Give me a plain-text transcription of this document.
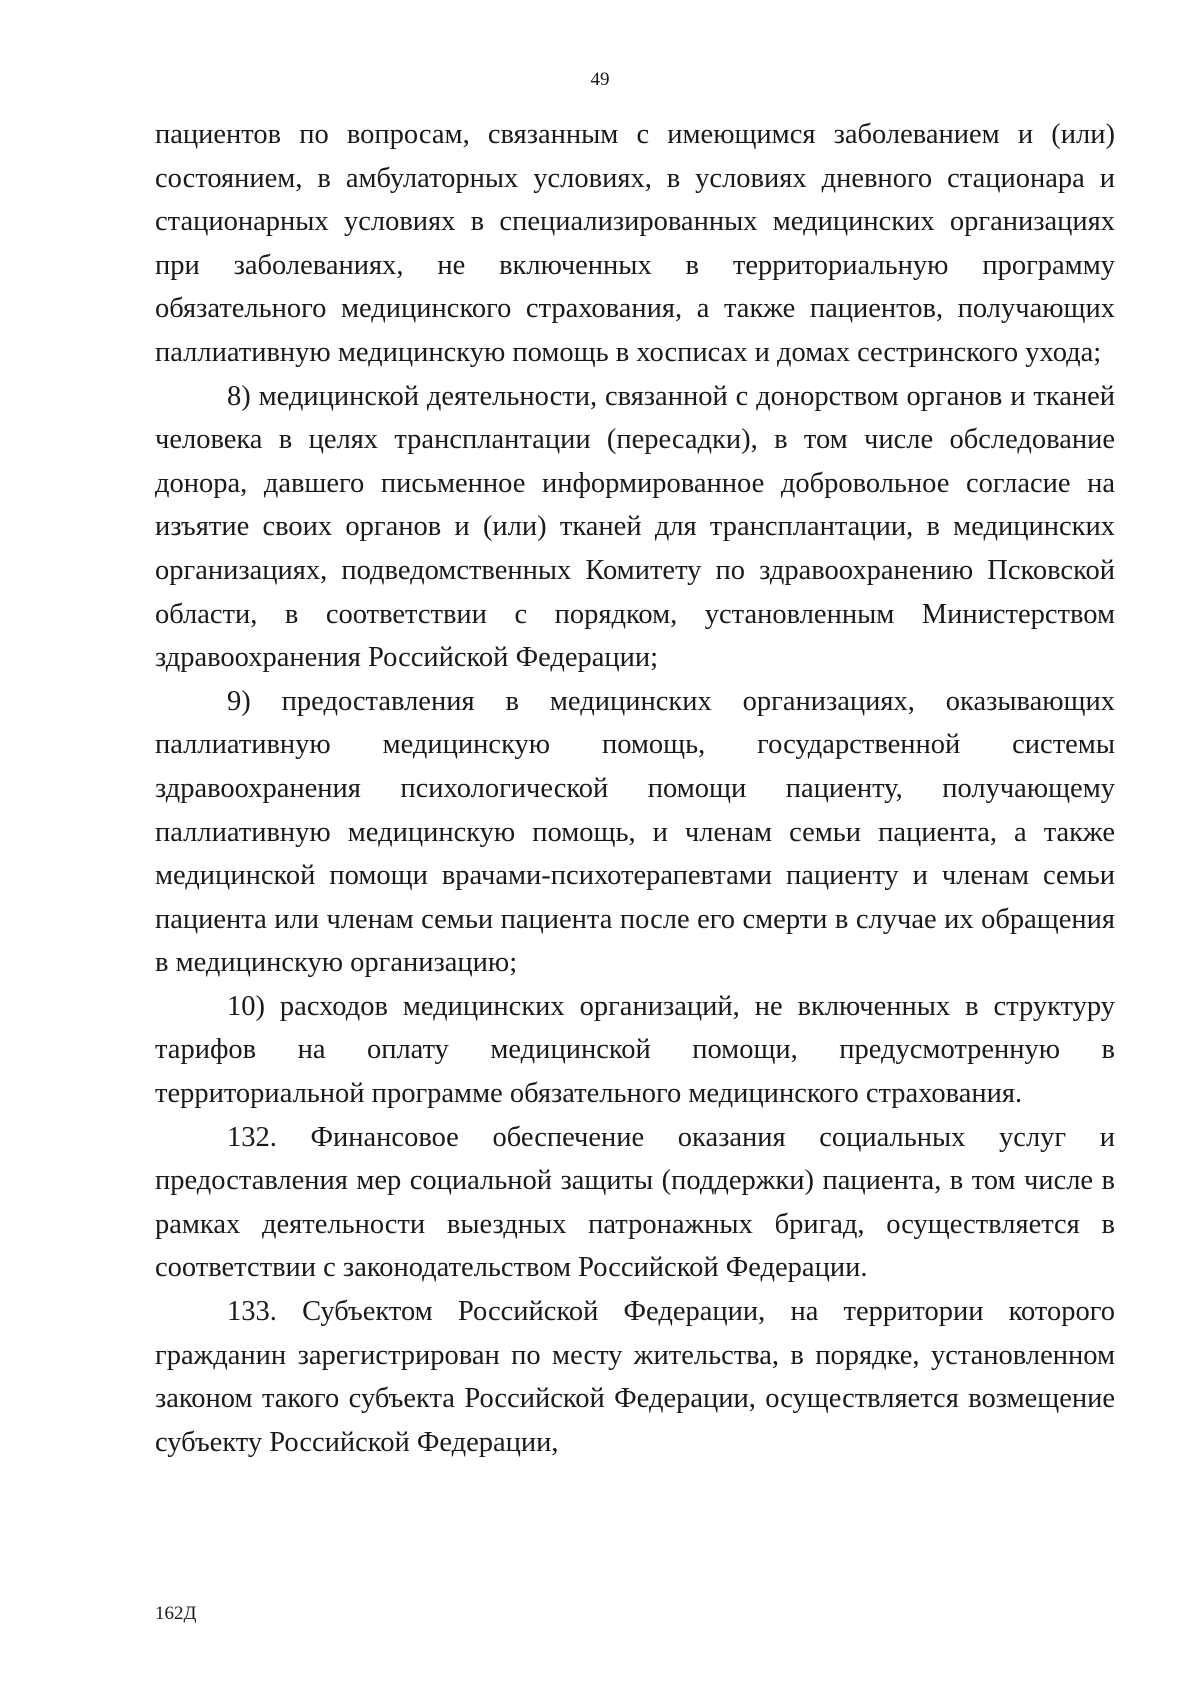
49

пациентов по вопросам, связанным с имеющимся заболеванием и (или) состоянием, в амбулаторных условиях, в условиях дневного стационара и стационарных условиях в специализированных медицинских организациях при заболеваниях, не включенных в территориальную программу обязательного медицинского страхования, а также пациентов, получающих паллиативную медицинскую помощь в хосписах и домах сестринского ухода;

8) медицинской деятельности, связанной с донорством органов и тканей человека в целях трансплантации (пересадки), в том числе обследование донора, давшего письменное информированное добровольное согласие на изъятие своих органов и (или) тканей для трансплантации, в медицинских организациях, подведомственных Комитету по здравоохранению Псковской области, в соответствии с порядком, установленным Министерством здравоохранения Российской Федерации;

9) предоставления в медицинских организациях, оказывающих паллиативную медицинскую помощь, государственной системы здравоохранения психологической помощи пациенту, получающему паллиативную медицинскую помощь, и членам семьи пациента, а также медицинской помощи врачами-психотерапевтами пациенту и членам семьи пациента или членам семьи пациента после его смерти в случае их обращения в медицинскую организацию;

10) расходов медицинских организаций, не включенных в структуру тарифов на оплату медицинской помощи, предусмотренную в территориальной программе обязательного медицинского страхования.

132. Финансовое обеспечение оказания социальных услуг и предоставления мер социальной защиты (поддержки) пациента, в том числе в рамках деятельности выездных патронажных бригад, осуществляется в соответствии с законодательством Российской Федерации.

133. Субъектом Российской Федерации, на территории которого гражданин зарегистрирован по месту жительства, в порядке, установленном законом такого субъекта Российской Федерации, осуществляется возмещение субъекту Российской Федерации,

162Д
